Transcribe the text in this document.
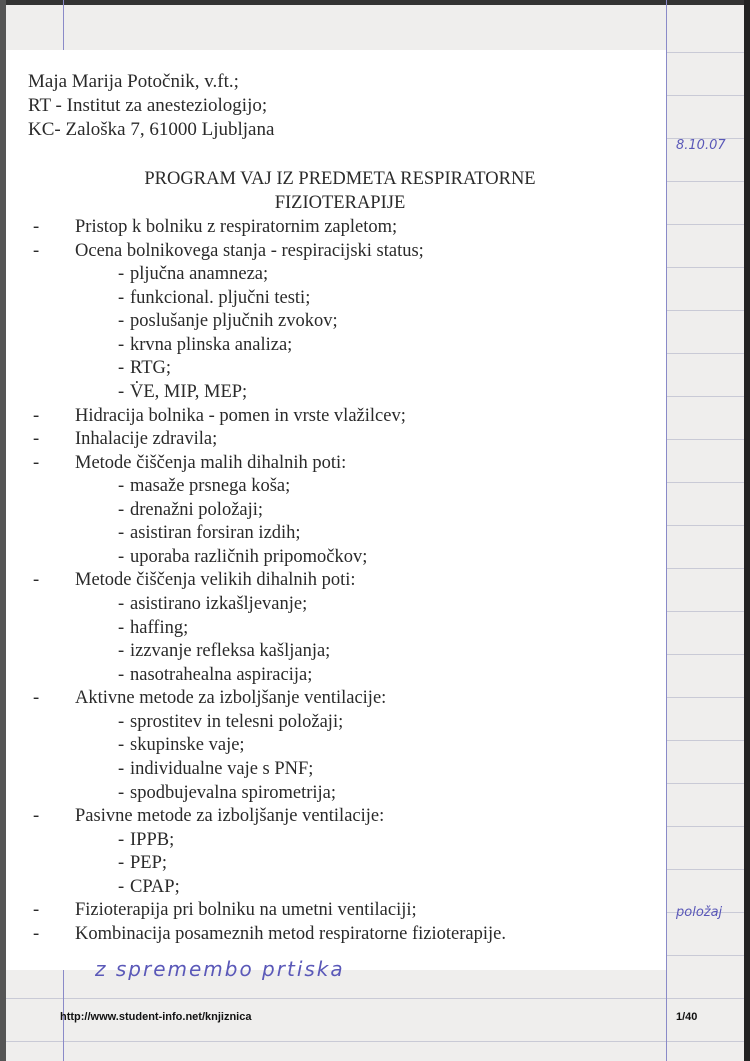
Maja Marija Potočnik, v.ft.;
RT - Institut za anesteziologijo;
KC- Zaloška 7, 61000 Ljubljana
PROGRAM VAJ IZ PREDMETA RESPIRATORNE
FIZIOTERAPIJE
- Pristop k bolniku z respiratornim zapletom;
- Ocena bolnikovega stanja - respiracijski status;
- pljučna anamneza;
- funkcional. pljučni testi;
- poslušanje pljučnih zvokov;
- krvna plinska analiza;
- RTG;
- V̇E, MIP, MEP;
- Hidracija bolnika - pomen in vrste vlažilcev;
- Inhalacije zdravila;
- Metode čiščenja malih dihalnih poti:
- masaže prsnega koša;
- drenažni položaji;
- asistiran forsiran izdih;
- uporaba različnih pripomočkov;
- Metode čiščenja velikih dihalnih poti:
- asistirano izkašljevanje;
- haffing;
- izzvanje refleksa kašljanja;
- nasotrahealna aspiracija;
- Aktivne metode za izboljšanje ventilacije:
- sprostitev in telesni položaji;
- skupinske vaje;
- individualne vaje s PNF;
- spodbujevalna spirometrija;
- Pasivne metode za izboljšanje ventilacije:
- IPPB;
- PEP;
- CPAP;
- Fizioterapija pri bolniku na umetni ventilaciji;
- Kombinacija posameznih metod respiratorne fizioterapije.
8.10.07
položaj
z spremembo prtiska
http://www.student-info.net/knjiznica	1/40
